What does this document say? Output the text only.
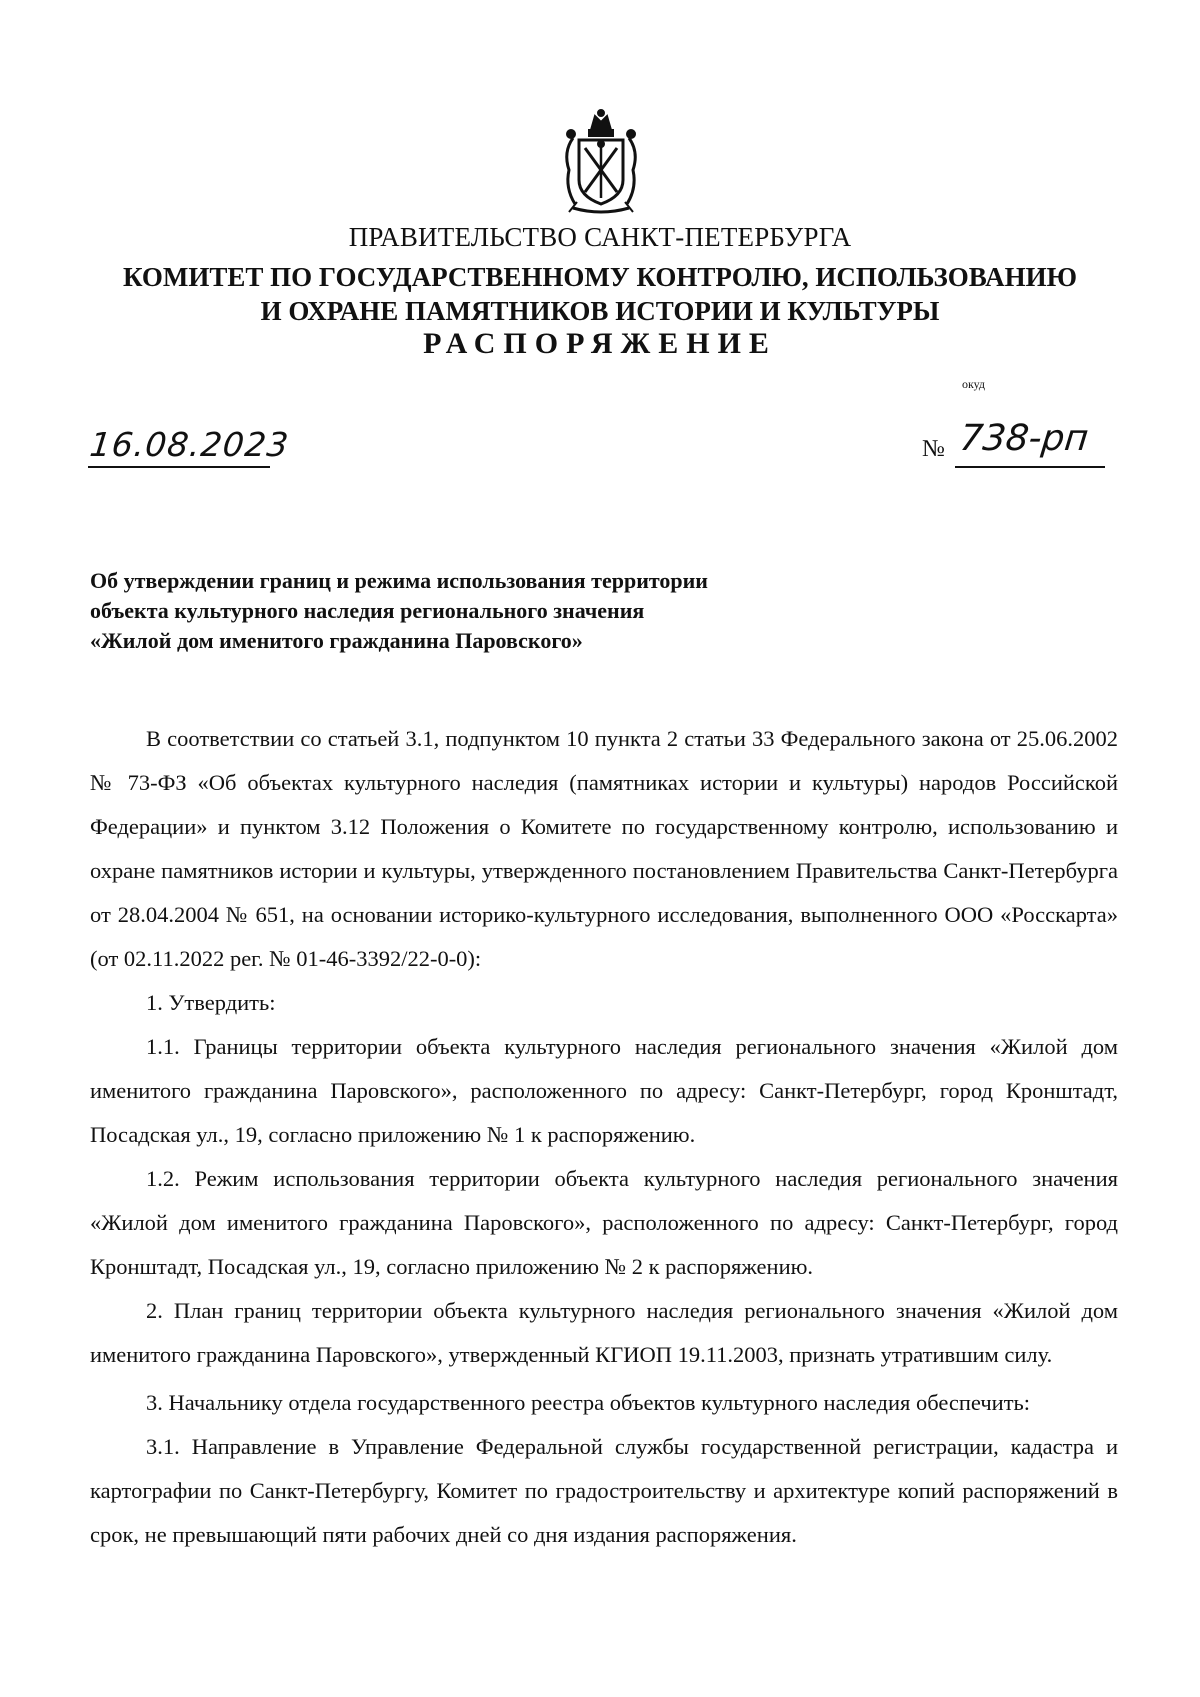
ПРАВИТЕЛЬСТВО САНКТ-ПЕТЕРБУРГА
КОМИТЕТ ПО ГОСУДАРСТВЕННОМУ КОНТРОЛЮ, ИСПОЛЬЗОВАНИЮ
И ОХРАНЕ ПАМЯТНИКОВ ИСТОРИИ И КУЛЬТУРЫ
РАСПОРЯЖЕНИЕ
окуд
16.08.2023	№ 738-рп
Об утверждении границ и режима использования территории
объекта культурного наследия регионального значения
«Жилой дом именитого гражданина Паровского»

В соответствии со статьей 3.1, подпунктом 10 пункта 2 статьи 33 Федерального закона от 25.06.2002 № 73-ФЗ «Об объектах культурного наследия (памятниках истории и культуры) народов Российской Федерации» и пунктом 3.12 Положения о Комитете по государственному контролю, использованию и охране памятников истории и культуры, утвержденного постановлением Правительства Санкт-Петербурга от 28.04.2004 № 651, на основании историко-культурного исследования, выполненного ООО «Росскарта» (от 02.11.2022 рег. № 01-46-3392/22-0-0):

1. Утвердить:

1.1. Границы территории объекта культурного наследия регионального значения «Жилой дом именитого гражданина Паровского», расположенного по адресу: Санкт-Петербург, город Кронштадт, Посадская ул., 19, согласно приложению № 1 к распоряжению.

1.2. Режим использования территории объекта культурного наследия регионального значения «Жилой дом именитого гражданина Паровского», расположенного по адресу: Санкт-Петербург, город Кронштадт, Посадская ул., 19, согласно приложению № 2 к распоряжению.

2. План границ территории объекта культурного наследия регионального значения «Жилой дом именитого гражданина Паровского», утвержденный КГИОП 19.11.2003, признать утратившим силу.

3. Начальнику отдела государственного реестра объектов культурного наследия обеспечить:

3.1. Направление в Управление Федеральной службы государственной регистрации, кадастра и картографии по Санкт-Петербургу, Комитет по градостроительству и архитектуре копий распоряжений в срок, не превышающий пяти рабочих дней со дня издания распоряжения.
